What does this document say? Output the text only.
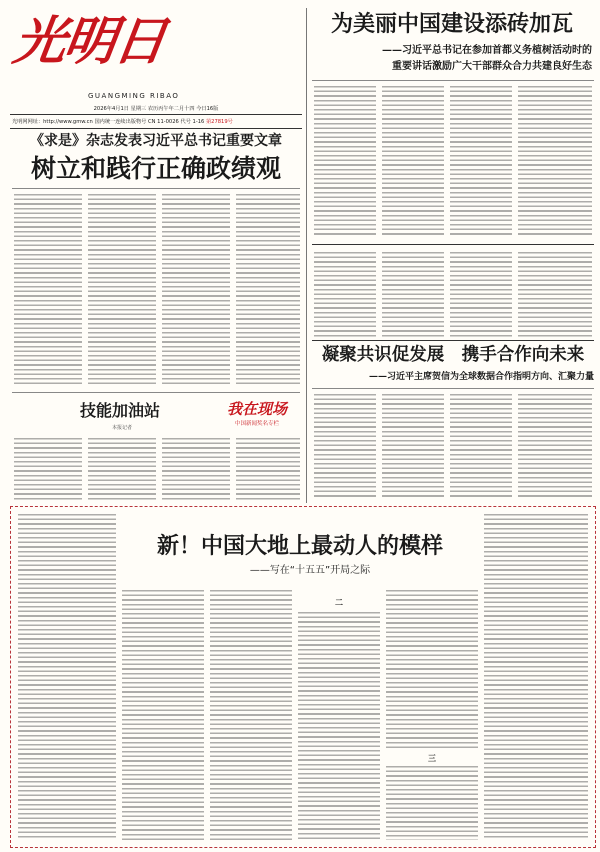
光明日報	GUANGMING RIBAO
光明网网址：http://www.gmw.cn 国内统一连续出版物号 CN 11-0026 代号 1-16 第27819号
2026年4月1日 星期三 农历丙午年二月十四 今日16版
为美丽中国建设添砖加瓦
——习近平总书记在参加首都义务植树活动时的
重要讲话激励广大干部群众合力共建良好生态
《求是》杂志发表习近平总书记重要文章
树立和践行正确政绩观
技能加油站
本报记者
我在现场
中国新闻奖名专栏
凝聚共识促发展　携手合作向未来
——习近平主席贺信为全球数据合作指明方向、汇聚力量
新！中国大地上最动人的模样
——写在“十五五”开局之际
二
三
